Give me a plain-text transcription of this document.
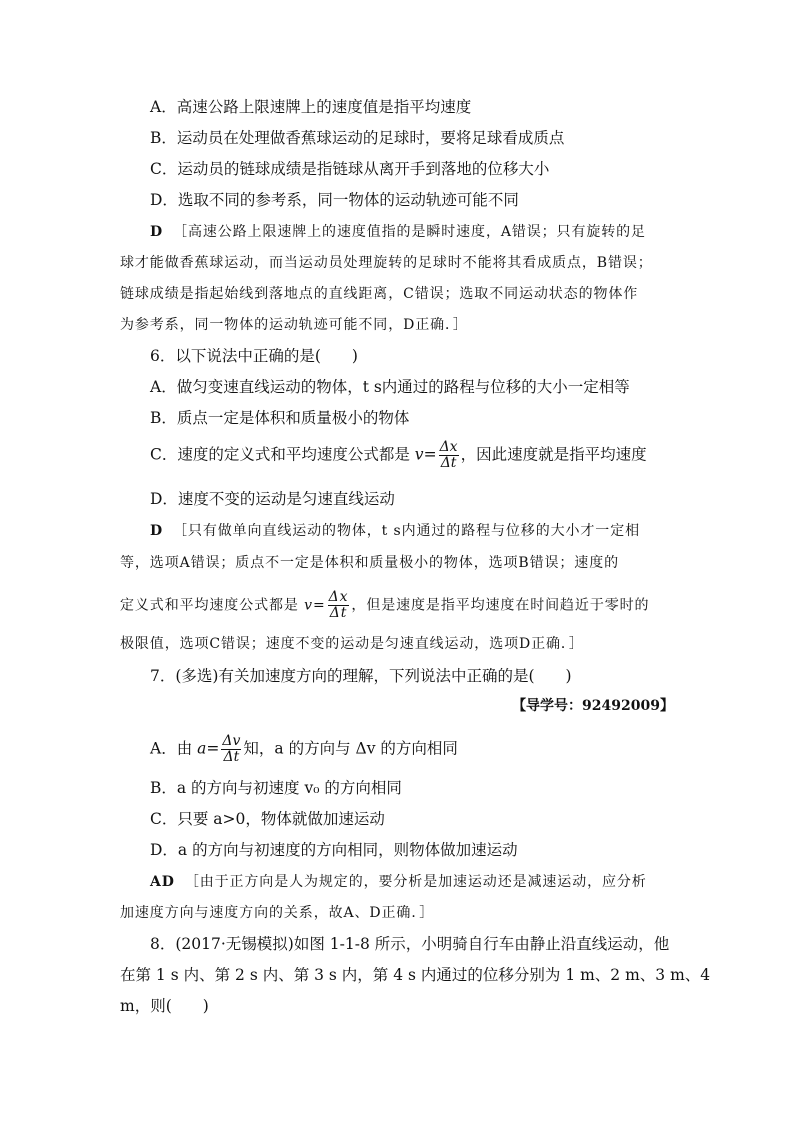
A．高速公路上限速牌上的速度值是指平均速度
B．运动员在处理做香蕉球运动的足球时，要将足球看成质点
C．运动员的链球成绩是指链球从离开手到落地的位移大小
D．选取不同的参考系，同一物体的运动轨迹可能不同
D ［高速公路上限速牌上的速度值指的是瞬时速度，A错误；只有旋转的足
球才能做香蕉球运动，而当运动员处理旋转的足球时不能将其看成质点，B错误；
链球成绩是指起始线到落地点的直线距离，C错误；选取不同运动状态的物体作
为参考系，同一物体的运动轨迹可能不同，D正确．］
6．以下说法中正确的是(　　)
A．做匀变速直线运动的物体，t s内通过的路程与位移的大小一定相等
B．质点一定是体积和质量极小的物体
C．速度的定义式和平均速度公式都是 $v= \frac{\Delta x}{\Delta t}$ ，因此速度就是指平均速度
D．速度不变的运动是匀速直线运动
D ［只有做单向直线运动的物体，t s内通过的路程与位移的大小才一定相
等，选项A错误；质点不一定是体积和质量极小的物体，选项B错误；速度的
定义式和平均速度公式都是 $v= \frac{\Delta x}{\Delta t}$ ，但是速度是指平均速度在时间趋近于零时的
极限值，选项C错误；速度不变的运动是匀速直线运动，选项D正确．］
7．(多选)有关加速度方向的理解，下列说法中正确的是(　　)
【导学号：92492009】
A．由 $a= \frac{\Delta v}{\Delta t}$ 知，a 的方向与 Δv 的方向相同
B．a 的方向与初速度 v₀ 的方向相同
C．只要 a>0，物体就做加速运动
D．a 的方向与初速度的方向相同，则物体做加速运动
AD ［由于正方向是人为规定的，要分析是加速运动还是减速运动，应分析
加速度方向与速度方向的关系，故A、D正确．］
8．(2017·无锡模拟)如图 1-1-8 所示，小明骑自行车由静止沿直线运动，他
在第 1 s 内、第 2 s 内、第 3 s 内，第 4 s 内通过的位移分别为 1 m、2 m、3 m、4
m，则(　　)
